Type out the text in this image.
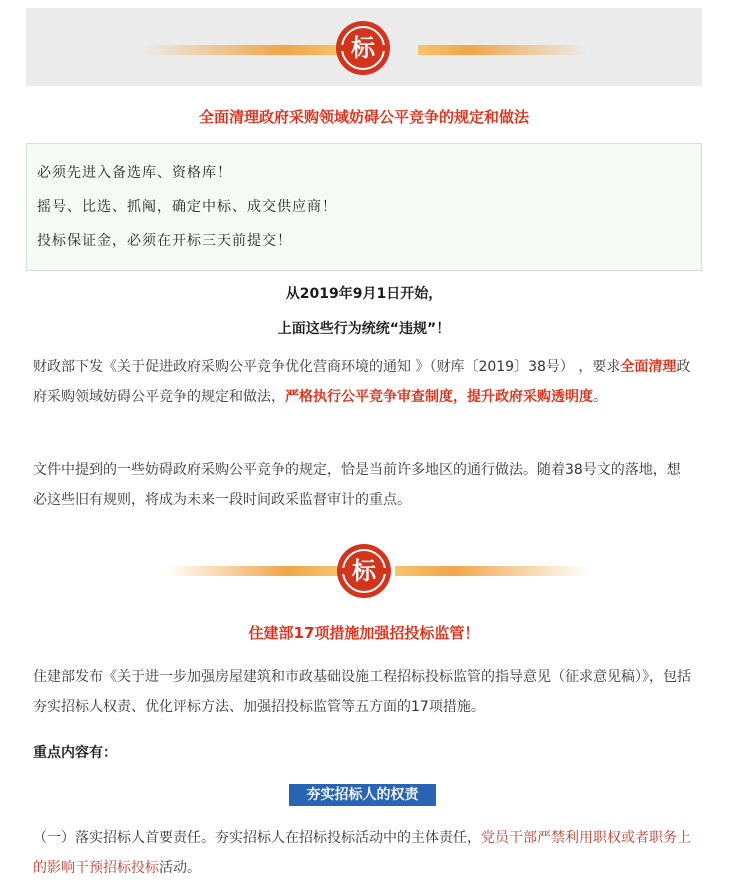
标
全面清理政府采购领域妨碍公平竞争的规定和做法
必须先进入备选库、资格库！
摇号、比选、抓阄，确定中标、成交供应商！
投标保证金，必须在开标三天前提交！
从2019年9月1日开始，
上面这些行为统统“违规”！
财政部下发《关于促进政府采购公平竞争优化营商环境的通知 》（财库〔2019〕38号） ，要求全面清理政府采购领域妨碍公平竞争的规定和做法，严格执行公平竞争审查制度，提升政府采购透明度。
文件中提到的一些妨碍政府采购公平竞争的规定，恰是当前许多地区的通行做法。随着38号文的落地，想必这些旧有规则，将成为未来一段时间政采监督审计的重点。
标
住建部17项措施加强招投标监管！
住建部发布《关于进一步加强房屋建筑和市政基础设施工程招标投标监管的指导意见（征求意见稿）》，包括夯实招标人权责、优化评标方法、加强招投标监管等五方面的17项措施。
重点内容有：
夯实招标人的权责
（一）落实招标人首要责任。夯实招标人在招标投标活动中的主体责任，党员干部严禁利用职权或者职务上的影响干预招标投标活动。
